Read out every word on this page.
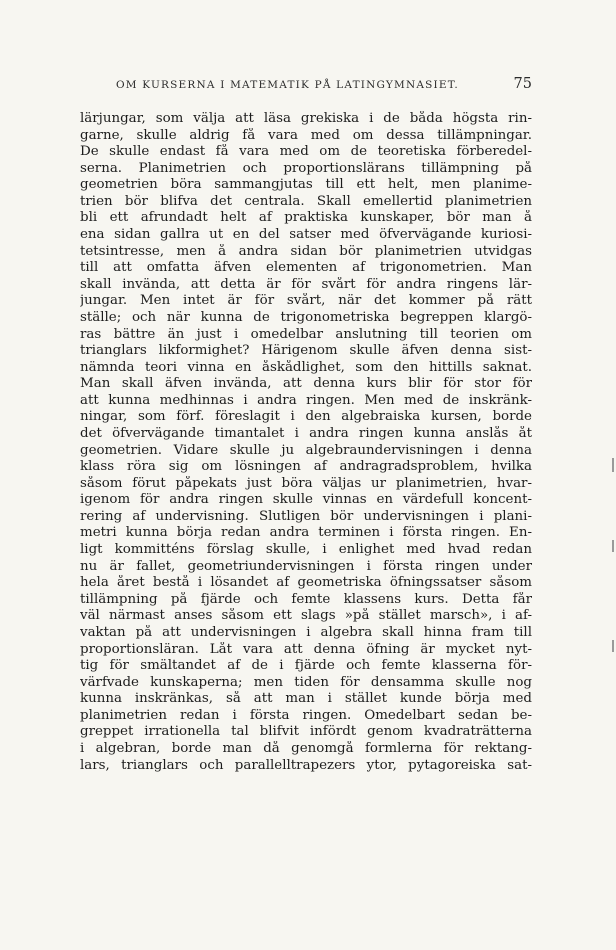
OM KURSERNA I MATEMATIK PÅ LATINGYMNASIET.	75
lärjungar, som välja att läsa grekiska i de båda högsta rin-
garne, skulle aldrig få vara med om dessa tillämpningar.
De skulle endast få vara med om de teoretiska förberedel-
serna. Planimetrien och proportionslärans tillämpning på
geometrien böra sammangjutas till ett helt, men planime-
trien bör blifva det centrala. Skall emellertid planimetrien
bli ett afrundadt helt af praktiska kunskaper, bör man å
ena sidan gallra ut en del satser med öfvervägande kuriosi-
tetsintresse, men å andra sidan bör planimetrien utvidgas
till att omfatta äfven elementen af trigonometrien. Man
skall invända, att detta är för svårt för andra ringens lär-
jungar. Men intet är för svårt, när det kommer på rätt
ställe; och när kunna de trigonometriska begreppen klargö-
ras bättre än just i omedelbar anslutning till teorien om
trianglars likformighet? Härigenom skulle äfven denna sist-
nämnda teori vinna en åskådlighet, som den hittills saknat.
Man skall äfven invända, att denna kurs blir för stor för
att kunna medhinnas i andra ringen. Men med de inskränk-
ningar, som förf. föreslagit i den algebraiska kursen, borde
det öfvervägande timantalet i andra ringen kunna anslås åt
geometrien. Vidare skulle ju algebraundervisningen i denna
klass röra sig om lösningen af andragradsproblem, hvilka
såsom förut påpekats just böra väljas ur planimetrien, hvar-
igenom för andra ringen skulle vinnas en värdefull koncent-
rering af undervisning. Slutligen bör undervisningen i plani-
metri kunna börja redan andra terminen i första ringen. En-
ligt kommitténs förslag skulle, i enlighet med hvad redan
nu är fallet, geometriundervisningen i första ringen under
hela året bestå i lösandet af geometriska öfningssatser såsom
tillämpning på fjärde och femte klassens kurs. Detta får
väl närmast anses såsom ett slags »på stället marsch», i af-
vaktan på att undervisningen i algebra skall hinna fram till
proportionsläran. Låt vara att denna öfning är mycket nyt-
tig för smältandet af de i fjärde och femte klasserna för-
värfvade kunskaperna; men tiden för densamma skulle nog
kunna inskränkas, så att man i stället kunde börja med
planimetrien redan i första ringen. Omedelbart sedan be-
greppet irrationella tal blifvit infördt genom kvadraträtterna
i algebran, borde man då genomgå formlerna för rektang-
lars, trianglars och parallelltrapezers ytor, pytagoreiska sat-
